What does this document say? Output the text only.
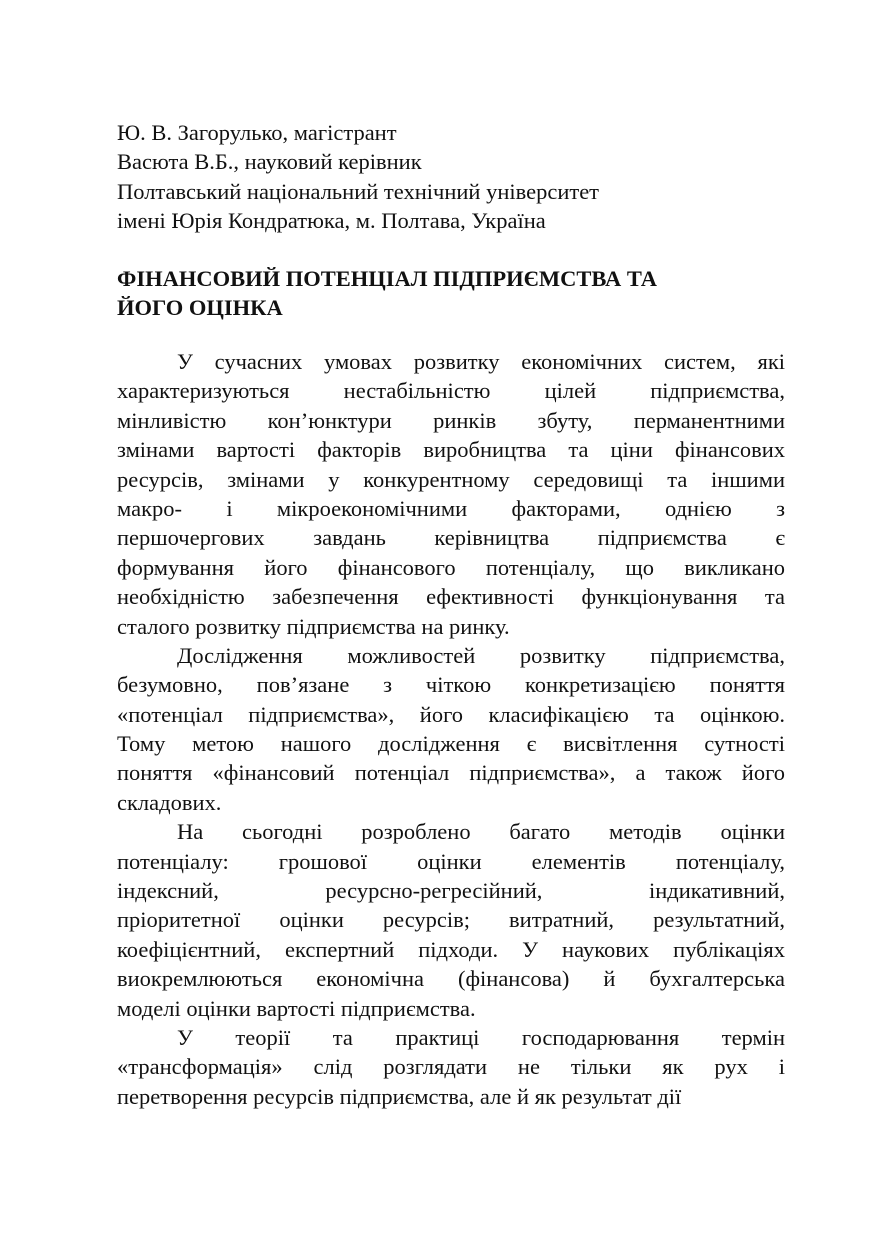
Ю. В. Загорулько, магістрант
Васюта В.Б., науковий керівник
Полтавський національний технічний університет
імені Юрія Кондратюка, м. Полтава, Україна
ФІНАНСОВИЙ ПОТЕНЦІАЛ ПІДПРИЄМСТВА ТА
ЙОГО ОЦІНКА
У сучасних умовах розвитку економічних систем, які
характеризуються нестабільністю цілей підприємства,
мінливістю кон’юнктури ринків збуту, перманентними
змінами вартості факторів виробництва та ціни фінансових
ресурсів, змінами у конкурентному середовищі та іншими
макро- і мікроекономічними факторами, однією з
першочергових завдань керівництва підприємства є
формування його фінансового потенціалу, що викликано
необхідністю забезпечення ефективності функціонування та
сталого розвитку підприємства на ринку.
Дослідження можливостей розвитку підприємства,
безумовно, пов’язане з чіткою конкретизацією поняття
«потенціал підприємства», його класифікацією та оцінкою.
Тому метою нашого дослідження є висвітлення сутності
поняття «фінансовий потенціал підприємства», а також його
складових.
На сьогодні розроблено багато методів оцінки
потенціалу: грошової оцінки елементів потенціалу,
індексний, ресурсно-регресійний, індикативний,
пріоритетної оцінки ресурсів; витратний, результатний,
коефіцієнтний, експертний підходи. У наукових публікаціях
виокремлюються економічна (фінансова) й бухгалтерська
моделі оцінки вартості підприємства.
У теорії та практиці господарювання термін
«трансформація» слід розглядати не тільки як рух і
перетворення ресурсів підприємства, але й як результат дії
